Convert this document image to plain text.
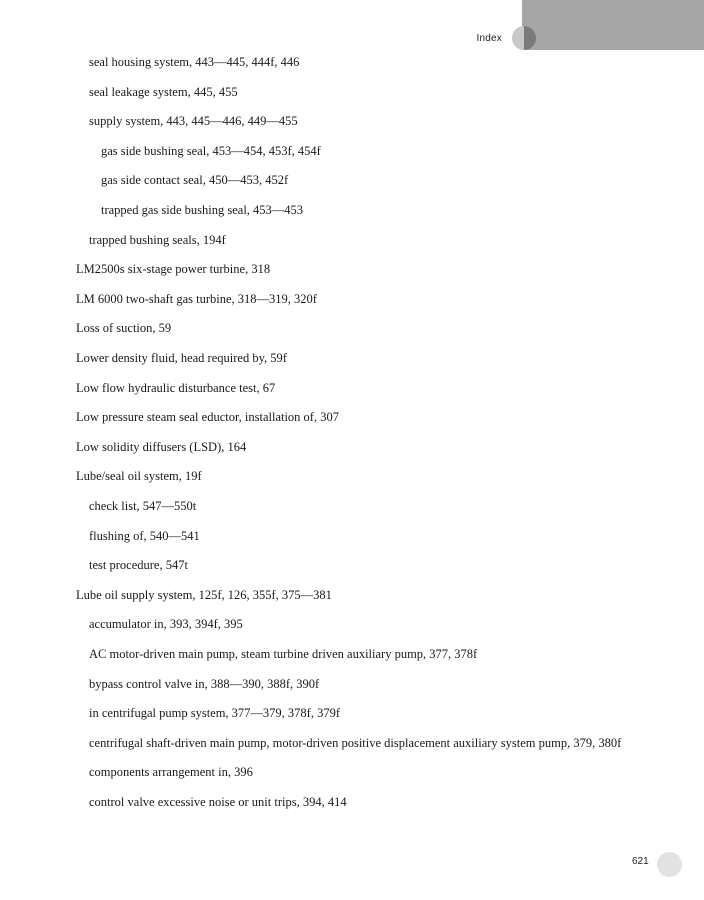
Index
seal housing system, 443—445, 444f, 446
seal leakage system, 445, 455
supply system, 443, 445—446, 449—455
gas side bushing seal, 453—454, 453f, 454f
gas side contact seal, 450—453, 452f
trapped gas side bushing seal, 453—453
trapped bushing seals, 194f
LM2500s six-stage power turbine, 318
LM 6000 two-shaft gas turbine, 318—319, 320f
Loss of suction, 59
Lower density fluid, head required by, 59f
Low flow hydraulic disturbance test, 67
Low pressure steam seal eductor, installation of, 307
Low solidity diffusers (LSD), 164
Lube/seal oil system, 19f
check list, 547—550t
flushing of, 540—541
test procedure, 547t
Lube oil supply system, 125f, 126, 355f, 375—381
accumulator in, 393, 394f, 395
AC motor-driven main pump, steam turbine driven auxiliary pump, 377, 378f
bypass control valve in, 388—390, 388f, 390f
in centrifugal pump system, 377—379, 378f, 379f
centrifugal shaft-driven main pump, motor-driven positive displacement auxiliary system pump, 379, 380f
components arrangement in, 396
control valve excessive noise or unit trips, 394, 414
621
